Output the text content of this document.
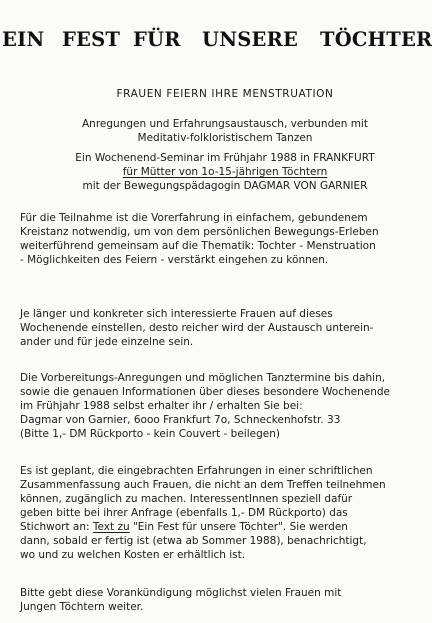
EIN FEST FÜR UNSERE TÖCHTER
FRAUEN FEIERN IHRE MENSTRUATION
Anregungen und Erfahrungsaustausch, verbunden mit
Meditativ-folkloristischem Tanzen
Ein Wochenend-Seminar im Frühjahr 1988 in FRANKFURT
für Mütter von 1o-15-jährigen Töchtern
mit der Bewegungspädagogin DAGMAR VON GARNIER
Für die Teilnahme ist die Vorerfahrung in einfachem, gebundenem
Kreistanz notwendig, um von dem persönlichen Bewegungs-Erleben
weiterführend gemeinsam auf die Thematik: Tochter - Menstruation
- Möglichkeiten des Feiern - verstärkt eingehen zu können.
Je länger und konkreter sich interessierte Frauen auf dieses
Wochenende einstellen, desto reicher wird der Austausch unterein-
ander und für jede einzelne sein.
Die Vorbereitungs-Anregungen und möglichen Tanztermine bis dahin,
sowie die genauen Informationen über dieses besondere Wochenende
im Frühjahr 1988 selbst erhalter ihr / erhalten Sie bei:
Dagmar von Garnier, 6ooo Frankfurt 7o, Schneckenhofstr. 33
(Bitte 1,- DM Rückporto - kein Couvert - beilegen)
Es ist geplant, die eingebrachten Erfahrungen in einer schriftlichen
Zusammenfassung auch Frauen, die nicht an dem Treffen teilnehmen
können, zugänglich zu machen. InteressentInnen speziell dafür
geben bitte bei ihrer Anfrage (ebenfalls 1,- DM Rückporto) das
Stichwort an: Text zu "Ein Fest für unsere Töchter". Sie werden
dann, sobald er fertig ist (etwa ab Sommer 1988), benachrichtigt,
wo und zu welchen Kosten er erhältlich ist.
Bitte gebt diese Vorankündigung möglichst vielen Frauen mit
Jungen Töchtern weiter.
